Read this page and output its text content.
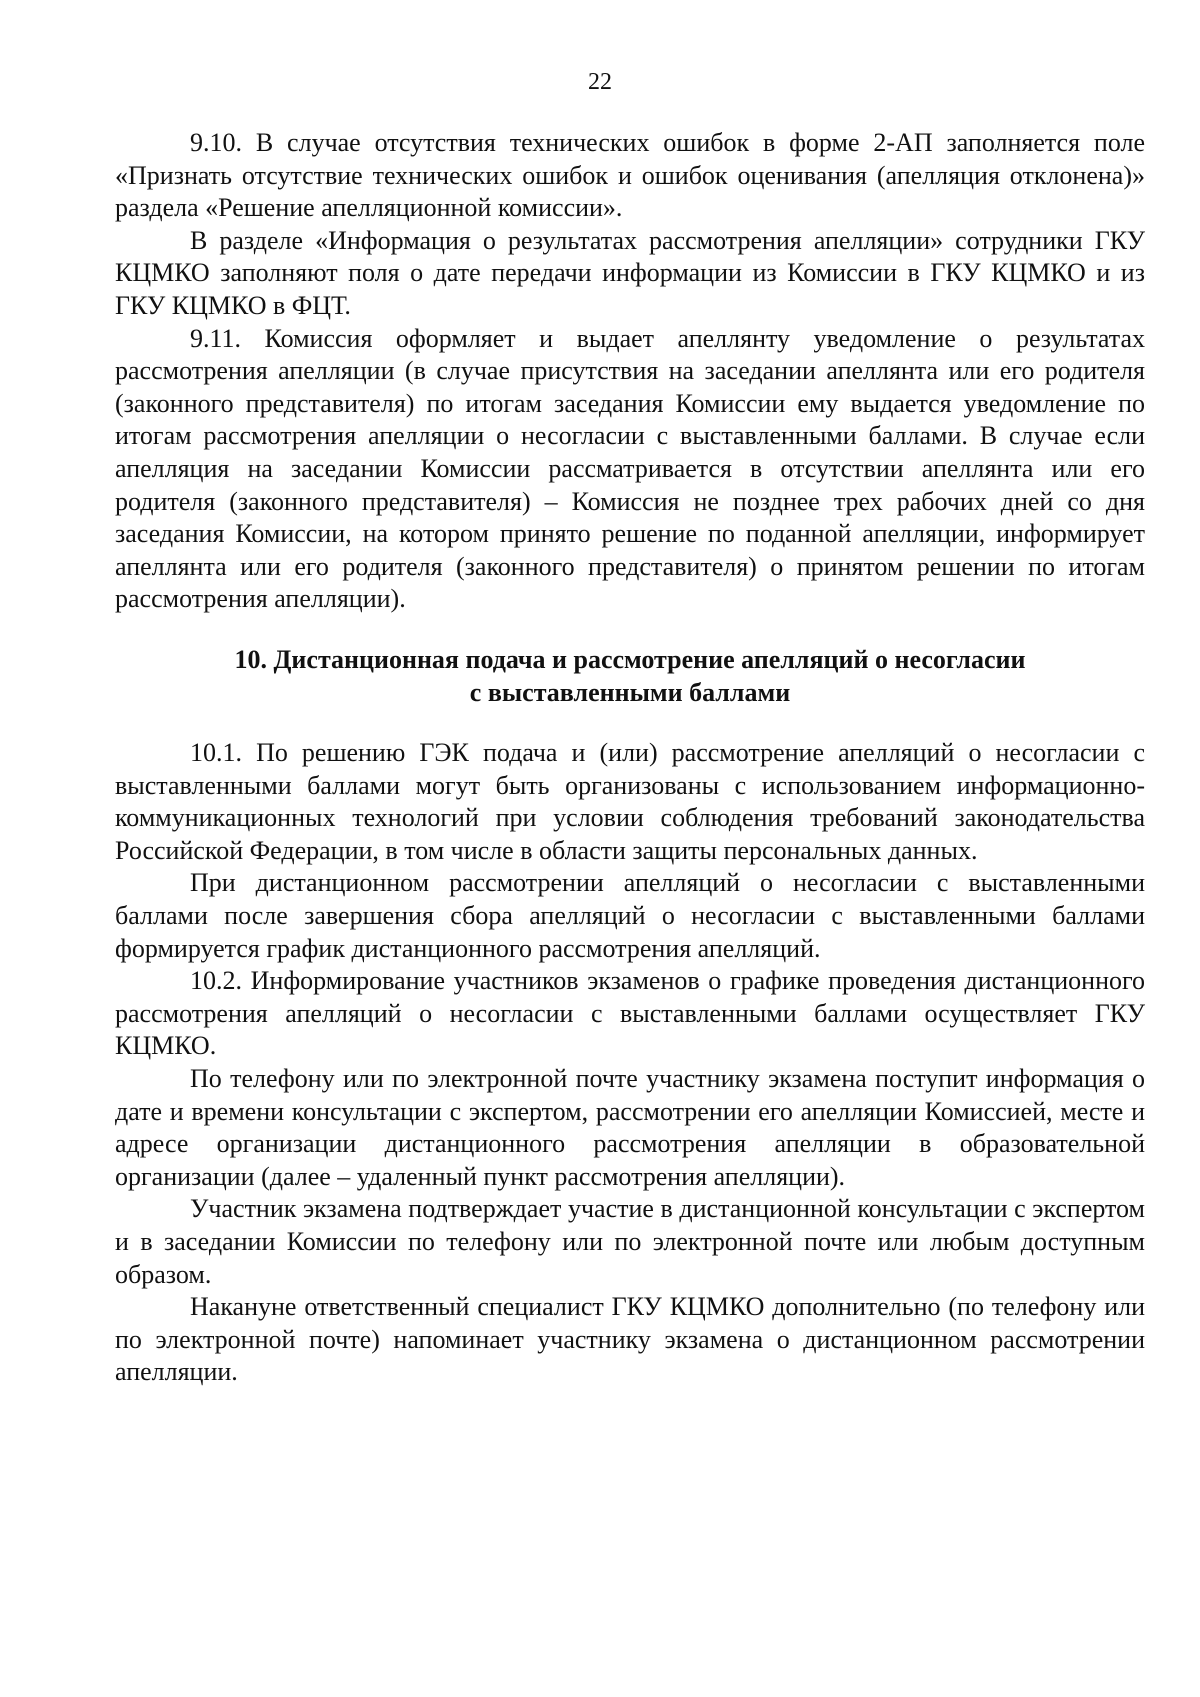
22

9.10. В случае отсутствия технических ошибок в форме 2-АП заполняется поле «Признать отсутствие технических ошибок и ошибок оценивания (апелляция отклонена)» раздела «Решение апелляционной комиссии».

В разделе «Информация о результатах рассмотрения апелляции» сотрудники ГКУ КЦМКО заполняют поля о дате передачи информации из Комиссии в ГКУ КЦМКО и из ГКУ КЦМКО в ФЦТ.

9.11. Комиссия оформляет и выдает апеллянту уведомление о результатах рассмотрения апелляции (в случае присутствия на заседании апеллянта или его родителя (законного представителя) по итогам заседания Комиссии ему выдается уведомление по итогам рассмотрения апелляции о несогласии с выставленными баллами. В случае если апелляция на заседании Комиссии рассматривается в отсутствии апеллянта или его родителя (законного представителя) – Комиссия не позднее трех рабочих дней со дня заседания Комиссии, на котором принято решение по поданной апелляции, информирует апеллянта или его родителя (законного представителя) о принятом решении по итогам рассмотрения апелляции).

10. Дистанционная подача и рассмотрение апелляций о несогласии
с выставленными баллами

10.1. По решению ГЭК подача и (или) рассмотрение апелляций о несогласии с выставленными баллами могут быть организованы с использованием информационно-коммуникационных технологий при условии соблюдения требований законодательства Российской Федерации, в том числе в области защиты персональных данных.

При дистанционном рассмотрении апелляций о несогласии с выставленными баллами после завершения сбора апелляций о несогласии с выставленными баллами формируется график дистанционного рассмотрения апелляций.

10.2. Информирование участников экзаменов о графике проведения дистанционного рассмотрения апелляций о несогласии с выставленными баллами осуществляет ГКУ КЦМКО.

По телефону или по электронной почте участнику экзамена поступит информация о дате и времени консультации с экспертом, рассмотрении его апелляции Комиссией, месте и адресе организации дистанционного рассмотрения апелляции в образовательной организации (далее – удаленный пункт рассмотрения апелляции).

Участник экзамена подтверждает участие в дистанционной консультации с экспертом и в заседании Комиссии по телефону или по электронной почте или любым доступным образом.

Накануне ответственный специалист ГКУ КЦМКО дополнительно (по телефону или по электронной почте) напоминает участнику экзамена о дистанционном рассмотрении апелляции.
